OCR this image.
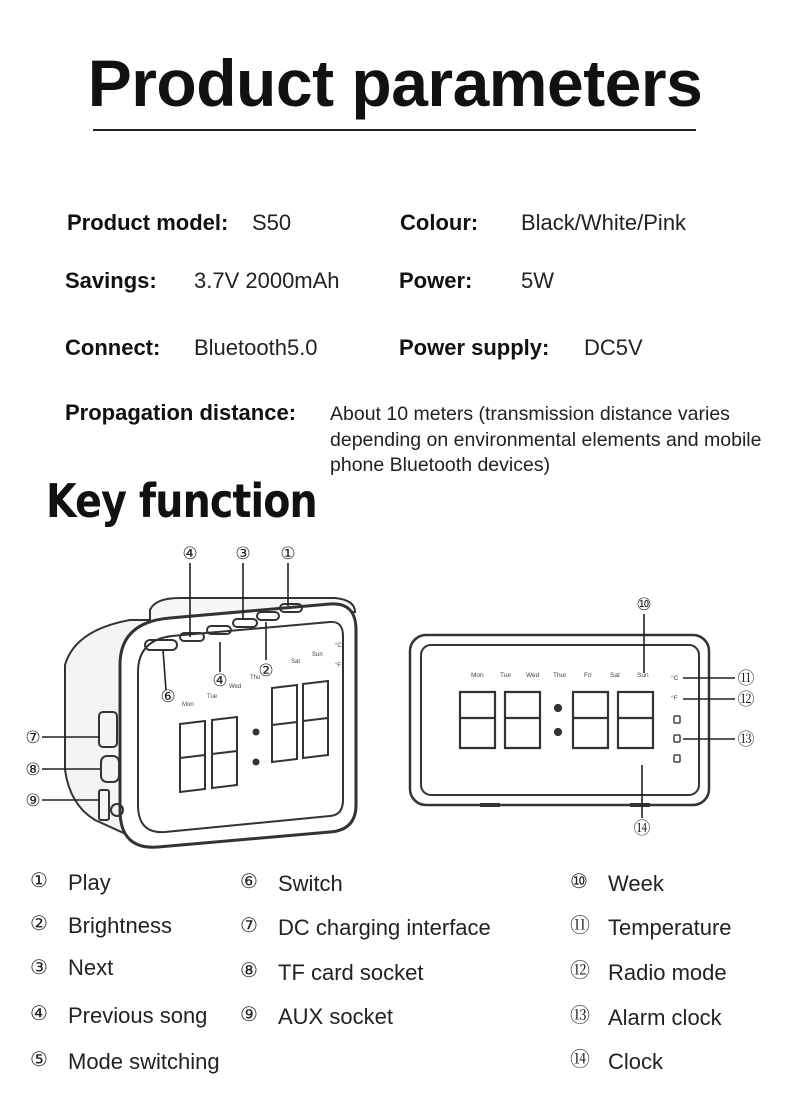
Product parameters
Product model: S50	Colour: Black/White/Pink
Savings: 3.7V 2000mAh	Power: 5W
Connect: Bluetooth5.0	Power supply: DC5V
Propagation distance: About 10 meters (transmission distance varies depending on environmental elements and mobile phone Bluetooth devices)
Key function
Mon
Tue
Wed
Thu
Sat
Sun
°C
°F
Mon	Tue Wed Thur	Fri	Sat	Sun	°C
°F
④ ③ ①
④
②
⑥
⑦
⑧
⑨
⑩
⑪
⑫
⑬
⑭
① Play
② Brightness
③ Next
④ Previous song
⑤ Mode switching
⑥ Switch
⑦ DC charging interface
⑧ TF card socket
⑨ AUX socket
⑩ Week
⑪ Temperature
⑫ Radio mode
⑬ Alarm clock
⑭ Clock
